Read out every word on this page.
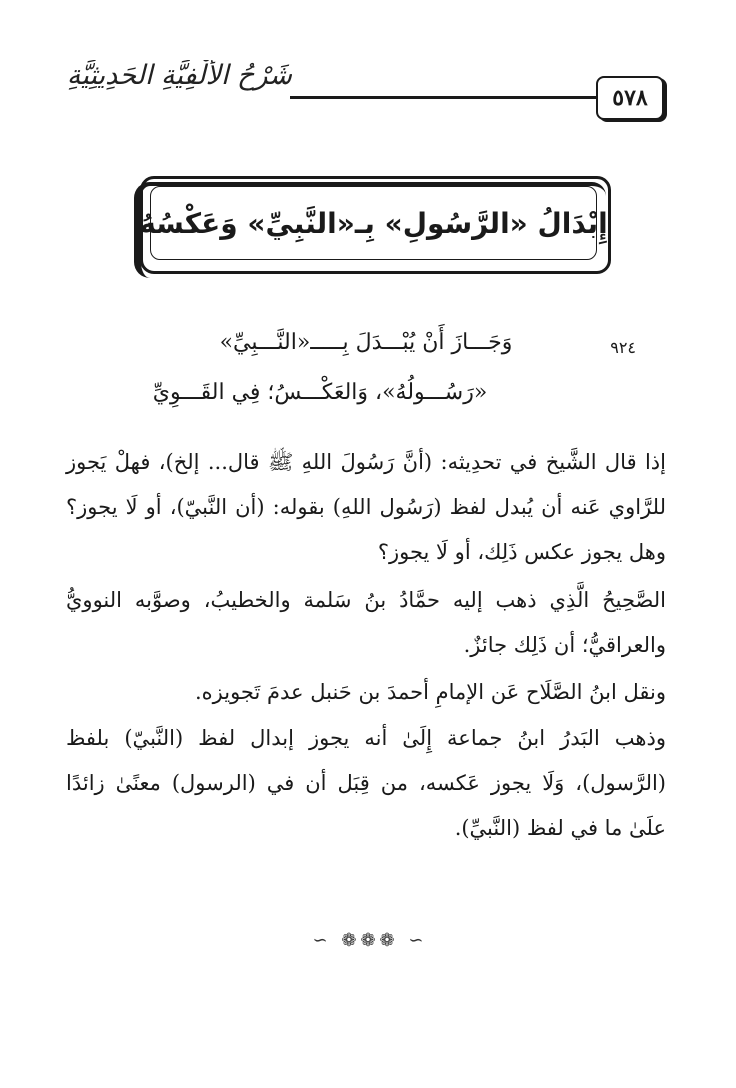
شَرْحُ الأَلْفِيَّةِ الحَدِيثِيَّةِ
٥٧٨
إِبْدَالُ «الرَّسُولِ» بِـ«النَّبِيِّ» وَعَكْسُهُ
٩٢٤
وَجَـــازَ أَنْ يُبْـــدَلَ بِـــــ«النَّـــبِيِّ»
«رَسُـــولُهُ»، وَالعَكْـــسُ؛ فِي القَـــوِيِّ
إذا قال الشَّيخ في تحدِيثه: (أنَّ رَسُولَ اللهِ ﷺ قال... إلخ)، فهلْ يَجوز للرَّاوي عَنه أن يُبدل لفظ (رَسُول اللهِ) بقوله: (أن النَّبيّ)، أو لَا يجوز؟ وهل يجوز عكس ذَلِك، أو لَا يجوز؟
الصَّحِيحُ الَّذِي ذهب إليه حمَّادُ بنُ سَلمة والخطيبُ، وصوَّبه النوويُّ والعراقيُّ؛ أن ذَلِك جائزٌ.
ونقل ابنُ الصَّلَاح عَن الإمامِ أحمدَ بن حَنبل عدمَ تَجويزه.
وذهب البَدرُ ابنُ جماعة إِلَىٰ أنه يجوز إبدال لفظ (النَّبيّ) بلفظ (الرَّسول)، وَلَا يجوز عَكسه، من قِبَل أن في (الرسول) معنًىٰ زائدًا علَىٰ ما في لفظ (النَّبيِّ).
∽ ❁❁❁ ∽
